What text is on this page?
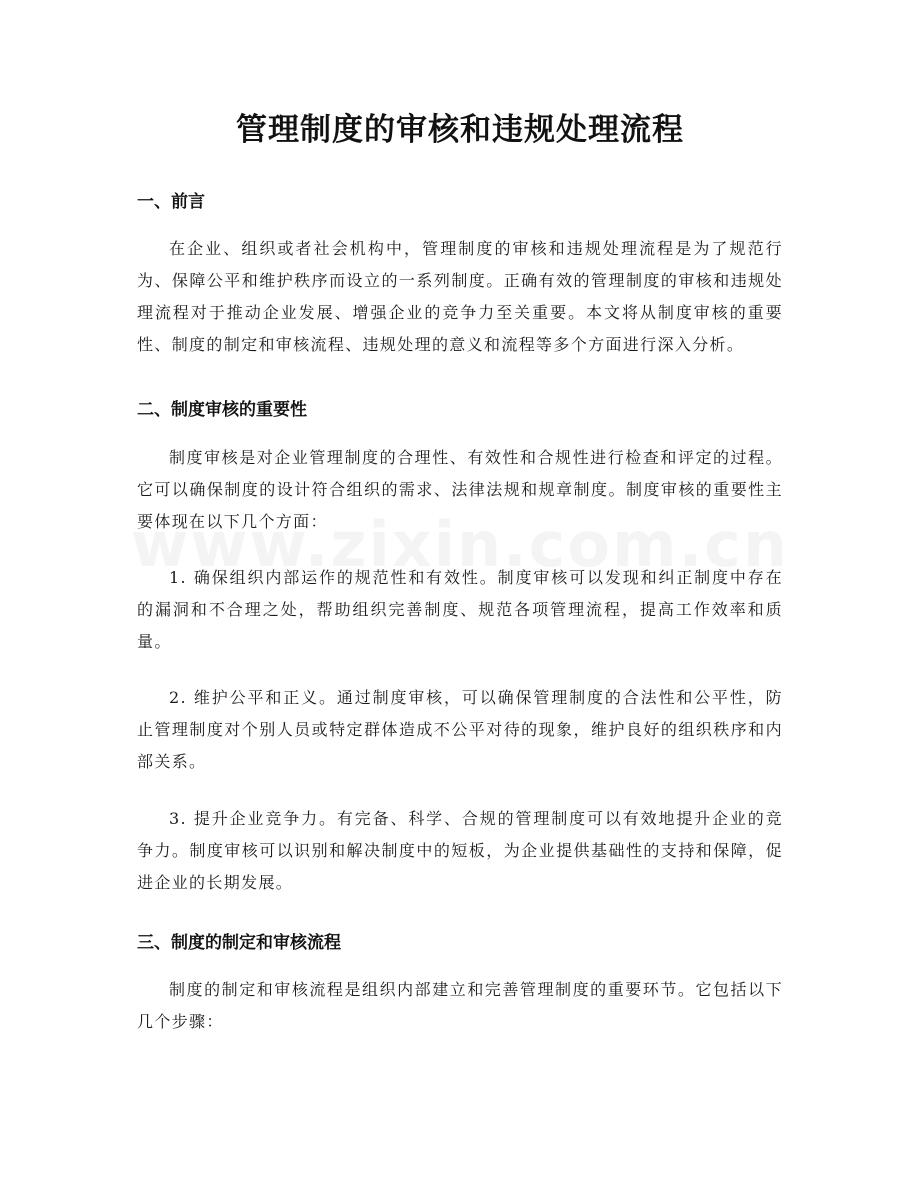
管理制度的审核和违规处理流程
一、前言
在企业、组织或者社会机构中，管理制度的审核和违规处理流程是为了规范行为、保障公平和维护秩序而设立的一系列制度。正确有效的管理制度的审核和违规处理流程对于推动企业发展、增强企业的竞争力至关重要。本文将从制度审核的重要性、制度的制定和审核流程、违规处理的意义和流程等多个方面进行深入分析。
二、制度审核的重要性
制度审核是对企业管理制度的合理性、有效性和合规性进行检查和评定的过程。它可以确保制度的设计符合组织的需求、法律法规和规章制度。制度审核的重要性主要体现在以下几个方面：
1. 确保组织内部运作的规范性和有效性。制度审核可以发现和纠正制度中存在的漏洞和不合理之处，帮助组织完善制度、规范各项管理流程，提高工作效率和质量。
2. 维护公平和正义。通过制度审核，可以确保管理制度的合法性和公平性，防止管理制度对个别人员或特定群体造成不公平对待的现象，维护良好的组织秩序和内部关系。
3. 提升企业竞争力。有完备、科学、合规的管理制度可以有效地提升企业的竞争力。制度审核可以识别和解决制度中的短板，为企业提供基础性的支持和保障，促进企业的长期发展。
三、制度的制定和审核流程
制度的制定和审核流程是组织内部建立和完善管理制度的重要环节。它包括以下几个步骤：
